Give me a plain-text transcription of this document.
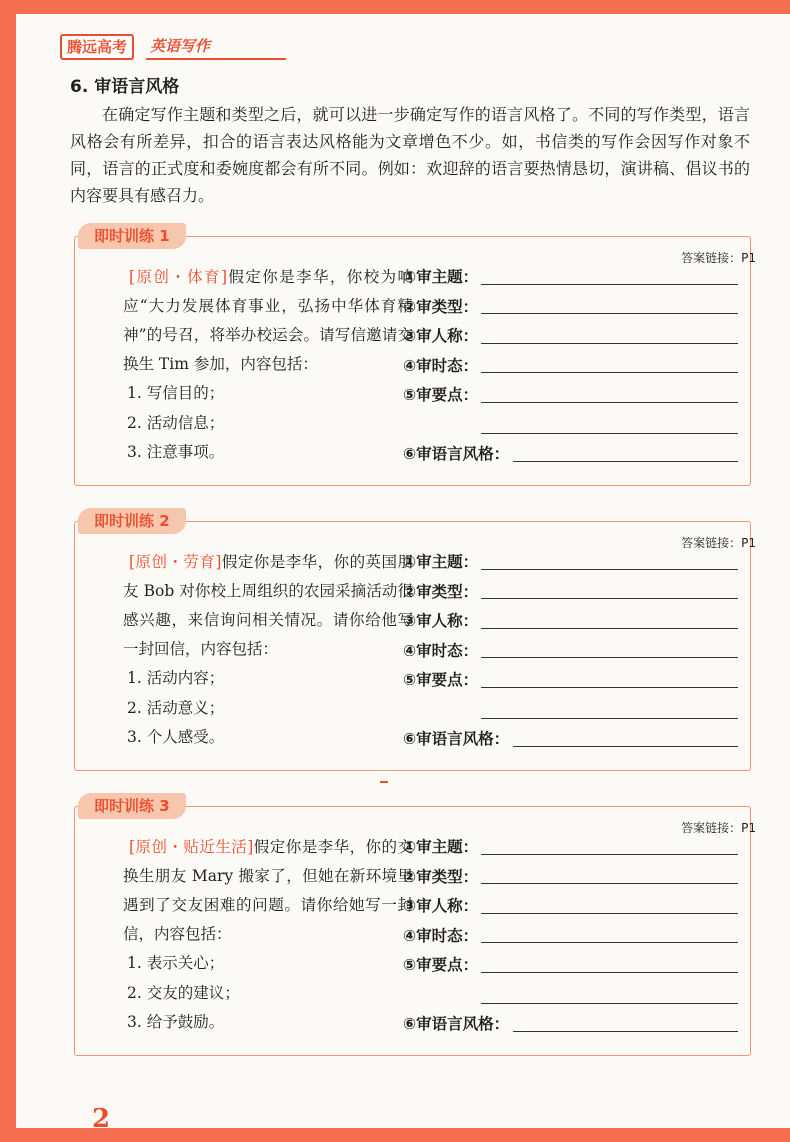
腾远高考	英语写作
6. 审语言风格
在确定写作主题和类型之后，就可以进一步确定写作的语言风格了。不同的写作类型，语言风格会有所差异，扣合的语言表达风格能为文章增色不少。如，书信类的写作会因写作对象不同，语言的正式度和委婉度都会有所不同。例如：欢迎辞的语言要热情恳切，演讲稿、倡议书的内容要具有感召力。
即时训练 1
答案链接：P1
[原创・体育]假定你是李华，你校为响应“大力发展体育事业，弘扬中华体育精神”的号召，将举办校运会。请写信邀请交换生 Tim 参加，内容包括：
1. 写信目的；
2. 活动信息；
3. 注意事项。
①审主题：
②审类型：
③审人称：
④审时态：
⑤审要点：
⑥审语言风格：
即时训练 2
答案链接：P1
[原创・劳育]假定你是李华，你的英国朋友 Bob 对你校上周组织的农园采摘活动很感兴趣，来信询问相关情况。请你给他写一封回信，内容包括：
1. 活动内容；
2. 活动意义；
3. 个人感受。
①审主题：
②审类型：
③审人称：
④审时态：
⑤审要点：
⑥审语言风格：
即时训练 3
答案链接：P1
[原创・贴近生活]假定你是李华，你的交换生朋友 Mary 搬家了，但她在新环境里遇到了交友困难的问题。请你给她写一封信，内容包括：
1. 表示关心；
2. 交友的建议；
3. 给予鼓励。
①审主题：
②审类型：
③审人称：
④审时态：
⑤审要点：
⑥审语言风格：
2
